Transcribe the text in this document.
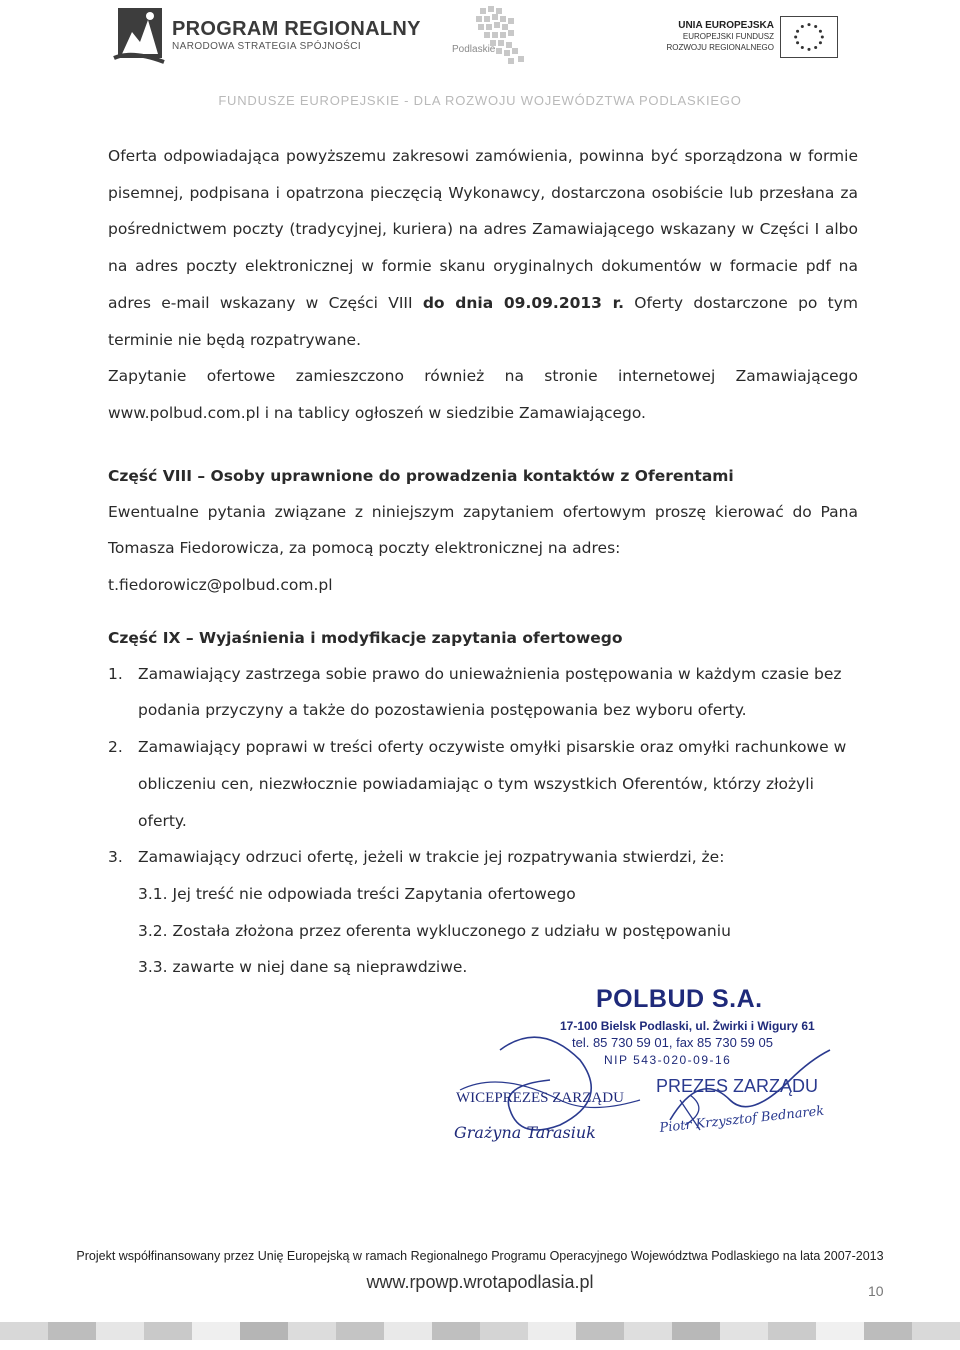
PROGRAM REGIONALNY
NARODOWA STRATEGIA SPÓJNOŚCI	Podlaskie
UNIA EUROPEJSKA
EUROPEJSKI FUNDUSZ
ROZWOJU REGIONALNEGO
FUNDUSZE EUROPEJSKIE - DLA ROZWOJU WOJEWÓDZTWA PODLASKIEGO

Oferta odpowiadająca powyższemu zakresowi zamówienia, powinna być sporządzona w formie pisemnej, podpisana i opatrzona pieczęcią Wykonawcy, dostarczona osobiście lub przesłana za pośrednictwem poczty (tradycyjnej, kuriera) na adres Zamawiającego wskazany w Części I albo na adres poczty elektronicznej w formie skanu oryginalnych dokumentów w formacie pdf na adres e-mail wskazany w Części VIII do dnia 09.09.2013 r. Oferty dostarczone po tym terminie nie będą rozpatrywane.

Zapytanie ofertowe zamieszczono również na stronie internetowej Zamawiającego www.polbud.com.pl i na tablicy ogłoszeń w siedzibie Zamawiającego.

Część VIII – Osoby uprawnione do prowadzenia kontaktów z Oferentami

Ewentualne pytania związane z niniejszym zapytaniem ofertowym proszę kierować do Pana Tomasza Fiedorowicza, za pomocą poczty elektronicznej na adres:

t.fiedorowicz@polbud.com.pl

Część IX – Wyjaśnienia i modyfikacje zapytania ofertowego

1. Zamawiający zastrzega sobie prawo do unieważnienia postępowania w każdym czasie bez podania przyczyny a także do pozostawienia postępowania bez wyboru oferty.
2. Zamawiający poprawi w treści oferty oczywiste omyłki pisarskie oraz omyłki rachunkowe w obliczeniu cen, niezwłocznie powiadamiając o tym wszystkich Oferentów, którzy złożyli oferty.
3. Zamawiający odrzuci ofertę, jeżeli w trakcie jej rozpatrywania stwierdzi, że:
3.1. Jej treść nie odpowiada treści Zapytania ofertowego
3.2. Została złożona przez oferenta wykluczonego z udziału w postępowaniu
3.3. zawarte w niej dane są nieprawdziwe.
POLBUD S.A.
17-100 Bielsk Podlaski, ul. Żwirki i Wigury 61
tel. 85 730 59 01, fax 85 730 59 05
NIP 543-020-09-16
WICEPREZES ZARZĄDU
Grażyna Tarasiuk
PREZES ZARZĄDU
Piotr Krzysztof Bednarek
Projekt współfinansowany przez Unię Europejską w ramach Regionalnego Programu Operacyjnego Województwa Podlaskiego na lata 2007-2013
www.rpowp.wrotapodlasia.pl	10
